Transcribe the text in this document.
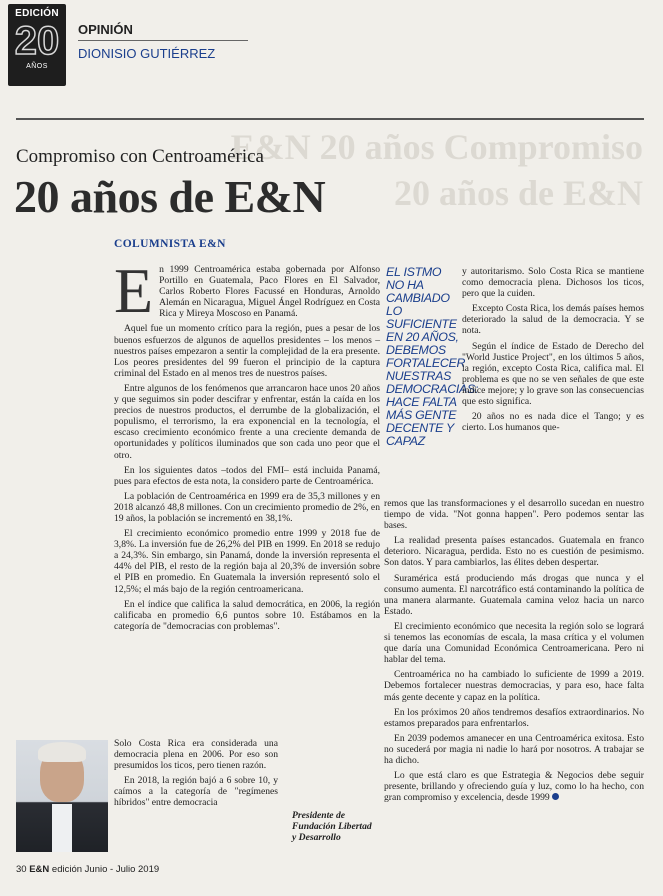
EDICIÓN
20
AÑOS
OPINIÓN
DIONISIO GUTIÉRREZ
E&N 20 años Compromiso
20 años de E&N
Compromiso con Centroamérica
20 años de E&N
COLUMNISTA E&N
E n 1999 Centroamérica estaba gobernada por Alfonso Portillo en Guatemala, Paco Flores en El Salvador, Carlos Roberto Flores Facussé en Honduras, Arnoldo Alemán en Nicaragua, Miguel Ángel Rodríguez en Costa Rica y Mireya Moscoso en Panamá.

Aquel fue un momento crítico para la región, pues a pesar de los buenos esfuerzos de algunos de aquellos presidentes – los menos – nuestros países empezaron a sentir la complejidad de la era presente. Los peores presidentes del 99 fueron el principio de la captura criminal del Estado en al menos tres de nuestros países.

Entre algunos de los fenómenos que arrancaron hace unos 20 años y que seguimos sin poder descifrar y enfrentar, están la caída en los precios de nuestros productos, el derrumbe de la globalización, el populismo, el terrorismo, la era exponencial en la tecnología, el escaso crecimiento económico frente a una creciente demanda de oportunidades y políticos iluminados que son cada uno peor que el otro.

En los siguientes datos –todos del FMI– está incluida Panamá, pues para efectos de esta nota, la considero parte de Centroamérica.

La población de Centroamérica en 1999 era de 35,3 millones y en 2018 alcanzó 48,8 millones. Con un crecimiento promedio de 2%, en 19 años, la población se incrementó en 38,1%.

El crecimiento económico promedio entre 1999 y 2018 fue de 3,8%. La inversión fue de 26,2% del PIB en 1999. En 2018 se redujo a 24,3%. Sin embargo, sin Panamá, donde la inversión representa el 44% del PIB, el resto de la región baja al 20,3% de inversión sobre el PIB en promedio. En Guatemala la inversión representó solo el 12,5%; el más bajo de la región centroamericana.

En el índice que califica la salud democrática, en 2006, la región calificaba en promedio 6,6 puntos sobre 10. Estábamos en la categoría de "democracias con problemas".

Solo Costa Rica era considerada una democracia plena en 2006. Por eso son presumidos los ticos, pero tienen razón.

En 2018, la región bajó a 6 sobre 10, y caímos a la categoría de "regímenes híbridos" entre democracia

Presidente de Fundación Libertad y Desarrollo
EL ISTMO NO HA CAMBIADO LO SUFICIENTE EN 20 AÑOS, DEBEMOS FORTALECER NUESTRAS DEMOCRACIAS: HACE FALTA MÁS GENTE DECENTE Y CAPAZ

y autoritarismo. Solo Costa Rica se mantiene como democracia plena. Dichosos los ticos, pero que la cuiden.

Excepto Costa Rica, los demás países hemos deteriorado la salud de la democracia. Y se nota.

Según el índice de Estado de Derecho del "World Justice Project", en los últimos 5 años, la región, excepto Costa Rica, califica mal. El problema es que no se ven señales de que este índice mejore; y lo grave son las consecuencias que esto significa.

20 años no es nada dice el Tango; y es cierto. Los humanos que-

remos que las transformaciones y el desarrollo sucedan en nuestro tiempo de vida. "Not gonna happen". Pero podemos sentar las bases.

La realidad presenta países estancados. Guatemala en franco deterioro. Nicaragua, perdida. Esto no es cuestión de pesimismo. Son datos. Y para cambiarlos, las élites deben despertar.

Suramérica está produciendo más drogas que nunca y el consumo aumenta. El narcotráfico está contaminando la política de una manera alarmante. Guatemala camina veloz hacia un narco Estado.

El crecimiento económico que necesita la región solo se logrará si tenemos las economías de escala, la masa crítica y el volumen que daría una Comunidad Económica Centroamericana. Pero ni hablar del tema.

Centroamérica no ha cambiado lo suficiente de 1999 a 2019. Debemos fortalecer nuestras democracias, y para eso, hace falta más gente decente y capaz en la política.

En los próximos 20 años tendremos desafíos extraordinarios. No estamos preparados para enfrentarlos.

En 2039 podemos amanecer en una Centroamérica exitosa. Esto no sucederá por magia ni nadie lo hará por nosotros. A trabajar se ha dicho.

Lo que está claro es que Estrategia & Negocios debe seguir presente, brillando y ofreciendo guía y luz, como lo ha hecho, con gran compromiso y excelencia, desde 1999

30 E&N edición Junio - Julio 2019
